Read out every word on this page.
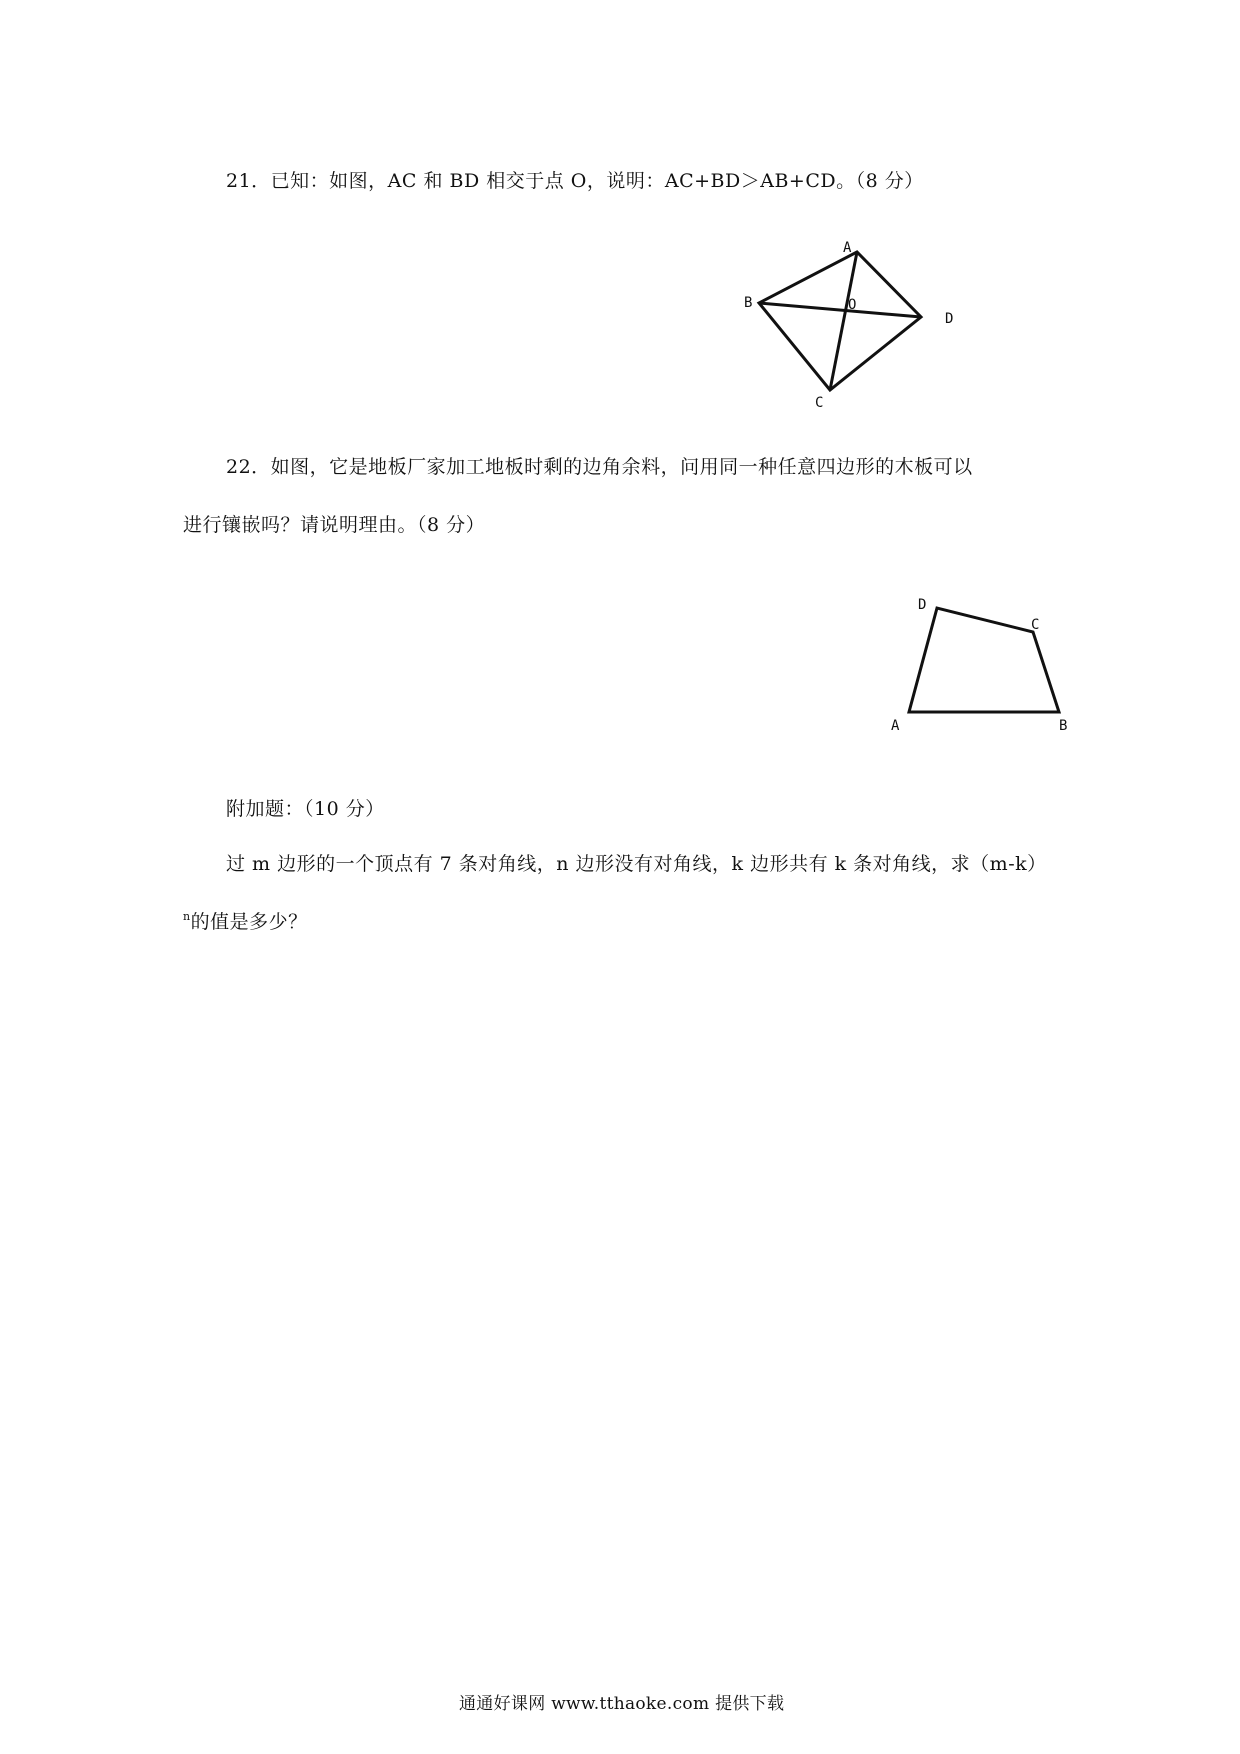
21．已知：如图，AC 和 BD 相交于点 O，说明：AC+BD＞AB+CD。（8 分）
A
B	O
D
C
22．如图，它是地板厂家加工地板时剩的边角余料，问用同一种任意四边形的木板可以
进行镶嵌吗？请说明理由。（8 分）
D
C
A	B
附加题：（10 分）
过 m 边形的一个顶点有 7 条对角线，n 边形没有对角线，k 边形共有 k 条对角线，求（m-k）
$^n$的值是多少？
通通好课网 www.tthaoke.com 提供下载
